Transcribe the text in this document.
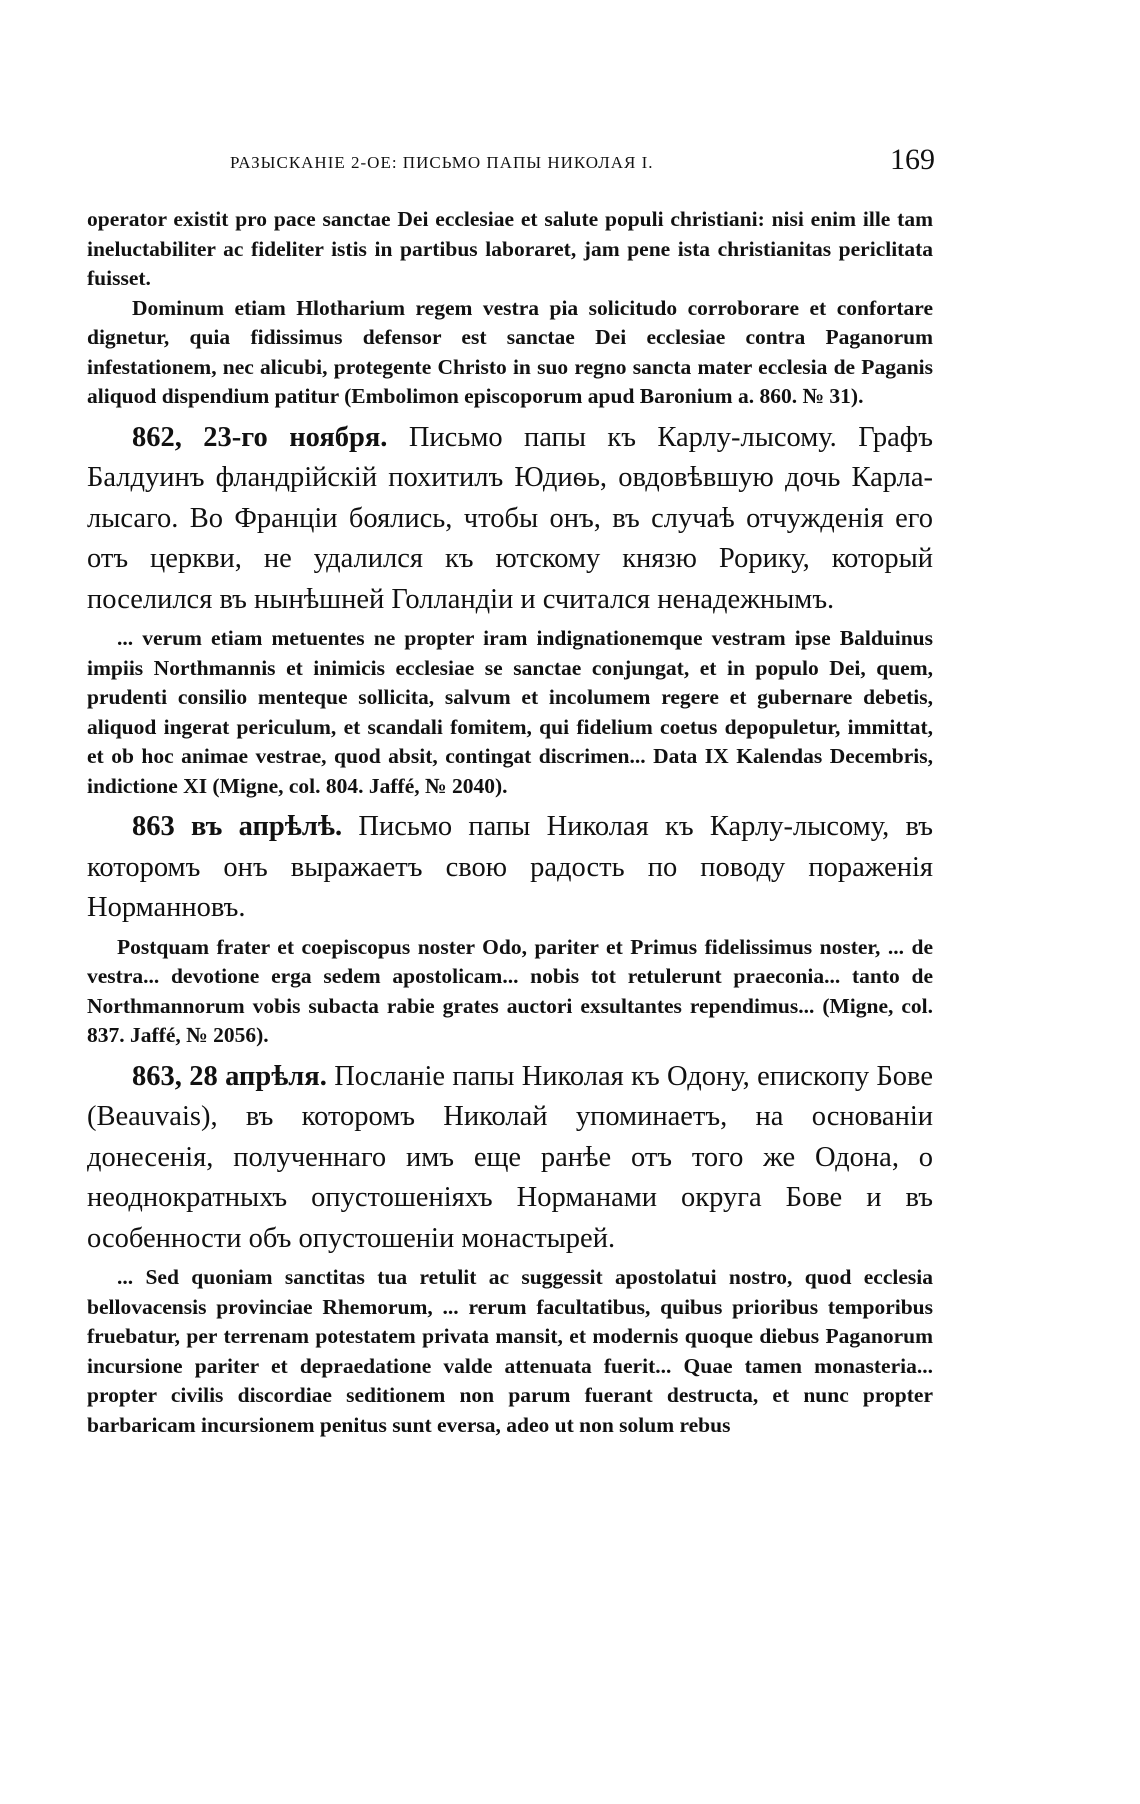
РАЗЫСКАНІЕ 2-ОЕ: ПИСЬМО ПАПЫ НИКОЛАЯ I.	169

operator existit pro pace sanctae Dei ecclesiae et salute populi christiani: nisi enim ille tam ineluctabiliter ac fideliter istis in partibus laboraret, jam pene ista christianitas periclitata fuisset.

Dominum etiam Hlotharium regem vestra pia solicitudo corroborare et confortare dignetur, quia fidissimus defensor est sanctae Dei ecclesiae contra Paganorum infestationem, nec alicubi, protegente Christo in suo regno sancta mater ecclesia de Paganis aliquod dispendium patitur (Embolimon episcoporum apud Baronium a. 860. № 31).

862, 23-го ноября. Письмо папы къ Карлу-лысому. Графъ Балдуинъ фландрійскій похитилъ Юдиѳь, овдовѣвшую дочь Карла-лысаго. Во Франціи боялись, чтобы онъ, въ случаѣ отчужденія его отъ церкви, не удалился къ ютскому князю Рорику, который поселился въ нынѣшней Голландіи и считался ненадежнымъ.

... verum etiam metuentes ne propter iram indignationemque vestram ipse Balduinus impiis Northmannis et inimicis ecclesiae se sanctae conjungat, et in populo Dei, quem, prudenti consilio menteque sollicita, salvum et incolumem regere et gubernare debetis, aliquod ingerat periculum, et scandali fomitem, qui fidelium coetus depopuletur, immittat, et ob hoc animae vestrae, quod absit, contingat discrimen... Data IX Kalendas Decembris, indictione XI (Migne, col. 804. Jaffé, № 2040).

863 въ апрѣлѣ. Письмо папы Николая къ Карлу-лысому, въ которомъ онъ выражаетъ свою радость по поводу пораженія Норманновъ.

Postquam frater et coepiscopus noster Odo, pariter et Primus fidelissimus noster, ... de vestra... devotione erga sedem apostolicam... nobis tot retulerunt praeconia... tanto de Northmannorum vobis subacta rabie grates auctori exsultantes rependimus... (Migne, col. 837. Jaffé, № 2056).

863, 28 апрѣля. Посланіе папы Николая къ Одону, епископу Бове (Beauvais), въ которомъ Николай упоминаетъ, на основаніи донесенія, полученнаго имъ еще ранѣе отъ того же Одона, о неоднократныхъ опустошеніяхъ Норманами округа Бове и въ особенности объ опустошеніи монастырей.

... Sed quoniam sanctitas tua retulit ac suggessit apostolatui nostro, quod ecclesia bellovacensis provinciae Rhemorum, ... rerum facultatibus, quibus prioribus temporibus fruebatur, per terrenam potestatem privata mansit, et modernis quoque diebus Paganorum incursione pariter et depraedatione valde attenuata fuerit... Quae tamen monasteria... propter civilis discordiae seditionem non parum fuerant destructa, et nunc propter barbaricam incursionem penitus sunt eversa, adeo ut non solum rebus
